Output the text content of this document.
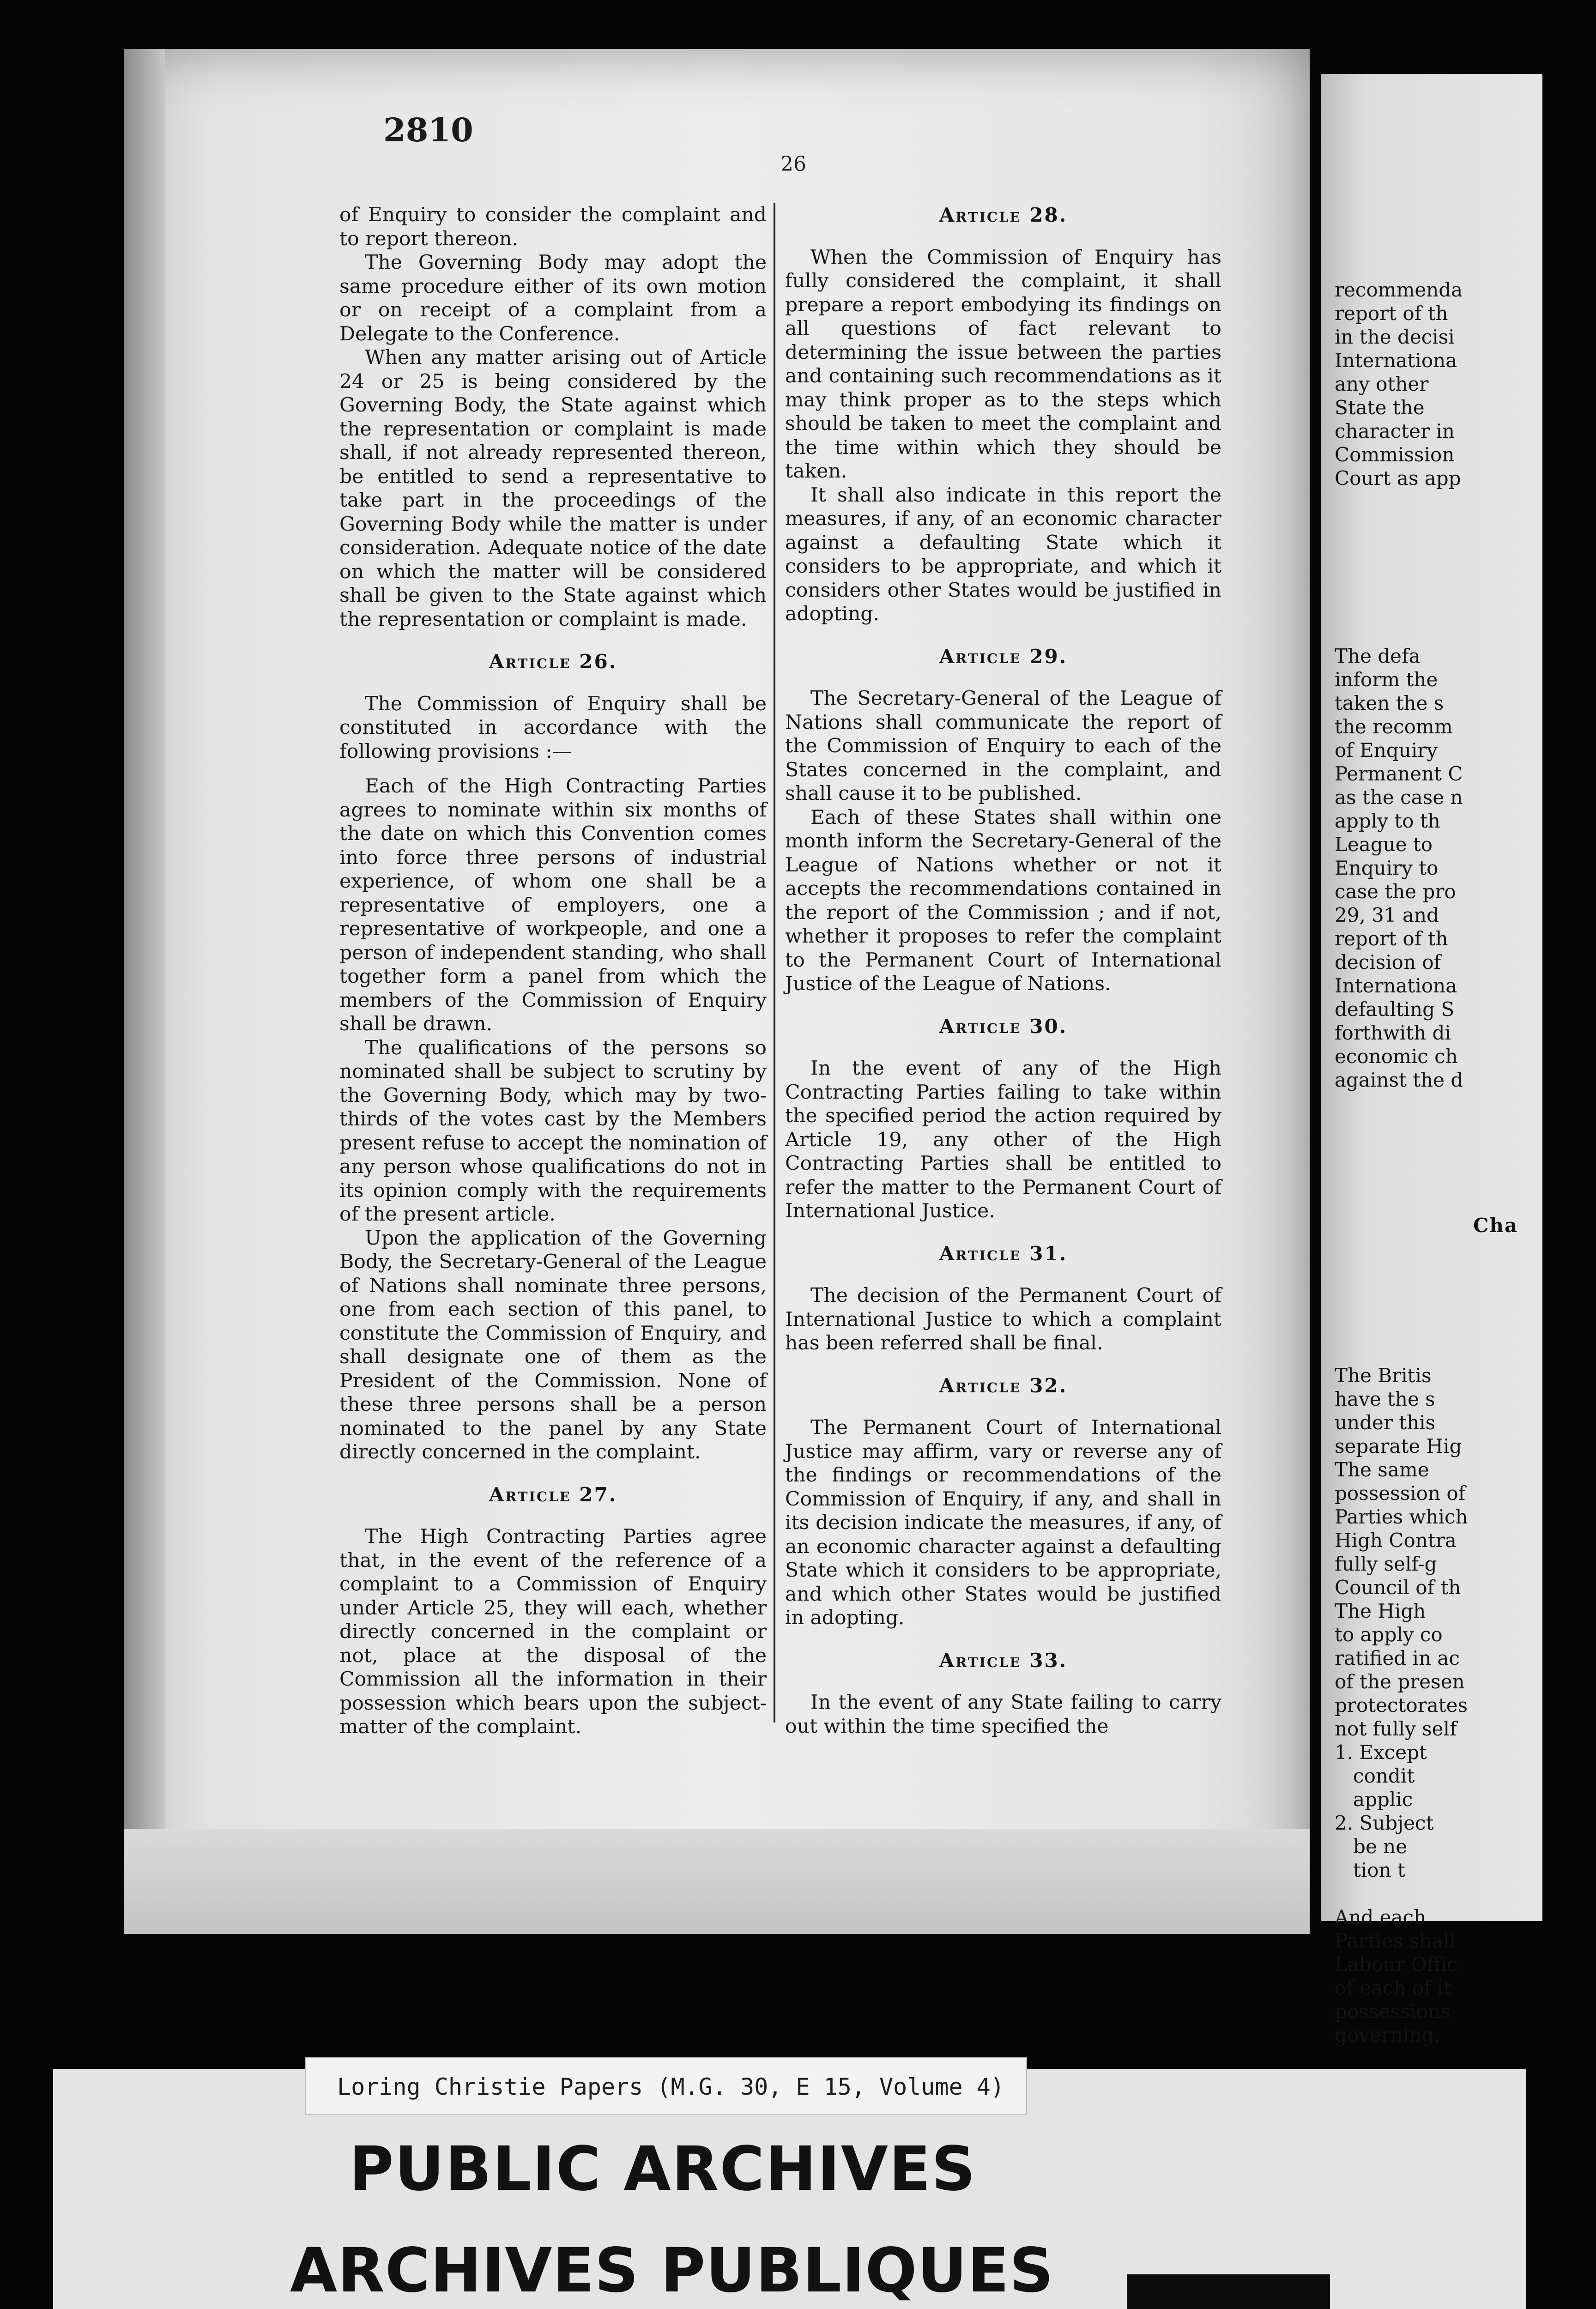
2810
26

of Enquiry to consider the complaint and to report thereon.

The Governing Body may adopt the same procedure either of its own motion or on receipt of a complaint from a Delegate to the Conference.

When any matter arising out of Article 24 or 25 is being considered by the Governing Body, the State against which the representation or complaint is made shall, if not already represented thereon, be entitled to send a representative to take part in the proceedings of the Governing Body while the matter is under consideration. Adequate notice of the date on which the matter will be considered shall be given to the State against which the representation or complaint is made.

Article 26.

The Commission of Enquiry shall be constituted in accordance with the following provisions :—

Each of the High Contracting Parties agrees to nominate within six months of the date on which this Convention comes into force three persons of industrial experience, of whom one shall be a representative of employers, one a representative of workpeople, and one a person of independent standing, who shall together form a panel from which the members of the Commission of Enquiry shall be drawn.

The qualifications of the persons so nominated shall be subject to scrutiny by the Governing Body, which may by two-thirds of the votes cast by the Members present refuse to accept the nomination of any person whose qualifications do not in its opinion comply with the requirements of the present article.

Upon the application of the Governing Body, the Secretary-General of the League of Nations shall nominate three persons, one from each section of this panel, to constitute the Commission of Enquiry, and shall designate one of them as the President of the Commission. None of these three persons shall be a person nominated to the panel by any State directly concerned in the complaint.

Article 27.

The High Contracting Parties agree that, in the event of the reference of a complaint to a Commission of Enquiry under Article 25, they will each, whether directly concerned in the complaint or not, place at the disposal of the Commission all the information in their possession which bears upon the subject-matter of the complaint.

Article 28.

When the Commission of Enquiry has fully considered the complaint, it shall prepare a report embodying its findings on all questions of fact relevant to determining the issue between the parties and containing such recommendations as it may think proper as to the steps which should be taken to meet the complaint and the time within which they should be taken.

It shall also indicate in this report the measures, if any, of an economic character against a defaulting State which it considers to be appropriate, and which it considers other States would be justified in adopting.

Article 29.

The Secretary-General of the League of Nations shall communicate the report of the Commission of Enquiry to each of the States concerned in the complaint, and shall cause it to be published.

Each of these States shall within one month inform the Secretary-General of the League of Nations whether or not it accepts the recommendations contained in the report of the Commission ; and if not, whether it proposes to refer the complaint to the Permanent Court of International Justice of the League of Nations.

Article 30.

In the event of any of the High Contracting Parties failing to take within the specified period the action required by Article 19, any other of the High Contracting Parties shall be entitled to refer the matter to the Permanent Court of International Justice.

Article 31.

The decision of the Permanent Court of International Justice to which a complaint has been referred shall be final.

Article 32.

The Permanent Court of International Justice may affirm, vary or reverse any of the findings or recommendations of the Commission of Enquiry, if any, and shall in its decision indicate the measures, if any, of an economic character against a defaulting State which it considers to be appropriate, and which other States would be justified in adopting.

Article 33.

In the event of any State failing to carry out within the time specified the

recommenda
report of th
in the decisi
Internationa
any other
State the
character in
Commission
Court as app

The defa
inform the
taken the s
the recomm
of Enquiry
Permanent C
as the case n
apply to th
League to
Enquiry to
case the pro
29, 31 and
report of th
decision of
Internationa
defaulting S
forthwith di
economic ch
against the d

Cha

The Britis
have the s
under this
separate Hig
The same
possession of
Parties which
High Contra
fully self-g
Council of th
The High
to apply co
ratified in ac
of the presen
protectorates
not fully self
1. Except
condit
applic
2. Subject
be ne
tion t

And each
Parties shall
Labour Offic
of each of it
possessions
governing.

Loring Christie Papers (M.G. 30, E 15, Volume 4)
PUBLIC ARCHIVES
ARCHIVES PUBLIQUES
